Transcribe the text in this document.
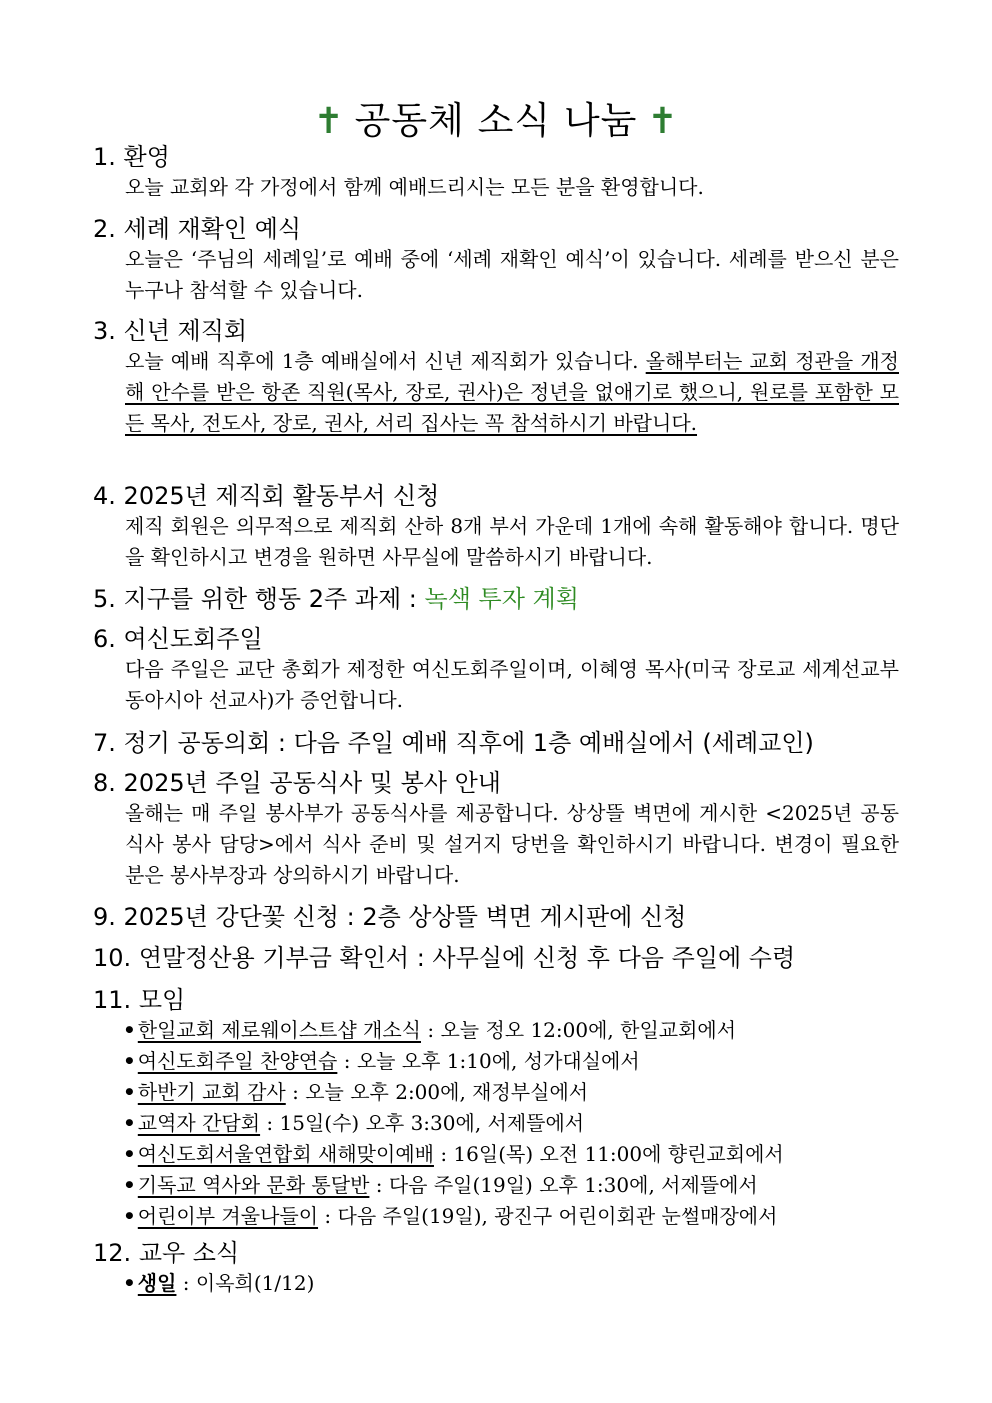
✝ 공동체 소식 나눔 ✝
1. 환영
오늘 교회와 각 가정에서 함께 예배드리시는 모든 분을 환영합니다.
2. 세례 재확인 예식
오늘은 ‘주님의 세례일’로 예배 중에 ‘세례 재확인 예식’이 있습니다. 세례를 받으신 분은 누구나 참석할 수 있습니다.
3. 신년 제직회
오늘 예배 직후에 1층 예배실에서 신년 제직회가 있습니다. 올해부터는 교회 정관을 개정해 안수를 받은 항존 직원(목사, 장로, 권사)은 정년을 없애기로 했으니, 원로를 포함한 모든 목사, 전도사, 장로, 권사, 서리 집사는 꼭 참석하시기 바랍니다.
4. 2025년 제직회 활동부서 신청
제직 회원은 의무적으로 제직회 산하 8개 부서 가운데 1개에 속해 활동해야 합니다. 명단을 확인하시고 변경을 원하면 사무실에 말씀하시기 바랍니다.
5. 지구를 위한 행동 2주 과제 : 녹색 투자 계획
6. 여신도회주일
다음 주일은 교단 총회가 제정한 여신도회주일이며, 이혜영 목사(미국 장로교 세계선교부 동아시아 선교사)가 증언합니다.
7. 정기 공동의회 : 다음 주일 예배 직후에 1층 예배실에서 (세례교인)
8. 2025년 주일 공동식사 및 봉사 안내
올해는 매 주일 봉사부가 공동식사를 제공합니다. 상상뜰 벽면에 게시한 <2025년 공동식사 봉사 담당>에서 식사 준비 및 설거지 당번을 확인하시기 바랍니다. 변경이 필요한 분은 봉사부장과 상의하시기 바랍니다.
9. 2025년 강단꽃 신청 : 2층 상상뜰 벽면 게시판에 신청
10. 연말정산용 기부금 확인서 : 사무실에 신청 후 다음 주일에 수령
11. 모임
• 한일교회 제로웨이스트샵 개소식 : 오늘 정오 12:00에, 한일교회에서
• 여신도회주일 찬양연습 : 오늘 오후 1:10에, 성가대실에서
• 하반기 교회 감사 : 오늘 오후 2:00에, 재정부실에서
• 교역자 간담회 : 15일(수) 오후 3:30에, 서제뜰에서
• 여신도회서울연합회 새해맞이예배 : 16일(목) 오전 11:00에 향린교회에서
• 기독교 역사와 문화 통달반 : 다음 주일(19일) 오후 1:30에, 서제뜰에서
• 어린이부 겨울나들이 : 다음 주일(19일), 광진구 어린이회관 눈썰매장에서
12. 교우 소식
• 생일 : 이옥희(1/12)
